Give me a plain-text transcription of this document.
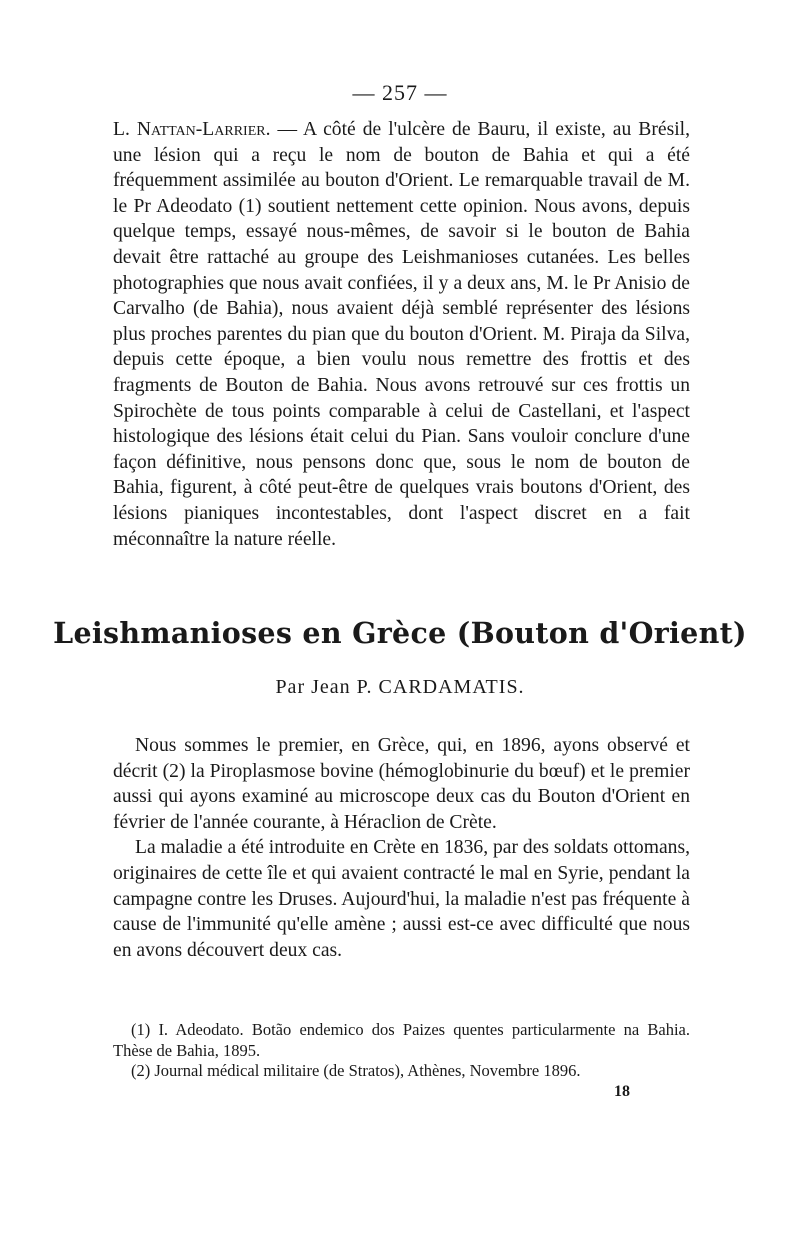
— 257 —

L. Nattan-Larrier. — A côté de l'ulcère de Bauru, il existe, au Brésil, une lésion qui a reçu le nom de bouton de Bahia et qui a été fréquemment assimilée au bouton d'Orient. Le remarquable travail de M. le Pr Adeodato (1) soutient nettement cette opinion. Nous avons, depuis quelque temps, essayé nous-mêmes, de savoir si le bouton de Bahia devait être rattaché au groupe des Leishmanioses cutanées. Les belles photographies que nous avait confiées, il y a deux ans, M. le Pr Anisio de Carvalho (de Bahia), nous avaient déjà semblé représenter des lésions plus proches parentes du pian que du bouton d'Orient. M. Piraja da Silva, depuis cette époque, a bien voulu nous remettre des frottis et des fragments de Bouton de Bahia. Nous avons retrouvé sur ces frottis un Spirochète de tous points comparable à celui de Castellani, et l'aspect histologique des lésions était celui du Pian. Sans vouloir conclure d'une façon définitive, nous pensons donc que, sous le nom de bouton de Bahia, figurent, à côté peut-être de quelques vrais boutons d'Orient, des lésions pianiques incontestables, dont l'aspect discret en a fait méconnaître la nature réelle.

Leishmanioses en Grèce (Bouton d'Orient)
Par Jean P. CARDAMATIS.

Nous sommes le premier, en Grèce, qui, en 1896, ayons observé et décrit (2) la Piroplasmose bovine (hémoglobinurie du bœuf) et le premier aussi qui ayons examiné au microscope deux cas du Bouton d'Orient en février de l'année courante, à Héraclion de Crète.

La maladie a été introduite en Crète en 1836, par des soldats ottomans, originaires de cette île et qui avaient contracté le mal en Syrie, pendant la campagne contre les Druses. Aujourd'hui, la maladie n'est pas fréquente à cause de l'immunité qu'elle amène ; aussi est-ce avec difficulté que nous en avons découvert deux cas.

(1) I. Adeodato. Botão endemico dos Paizes quentes particularmente na Bahia. Thèse de Bahia, 1895.

(2) Journal médical militaire (de Stratos), Athènes, Novembre 1896.

18
